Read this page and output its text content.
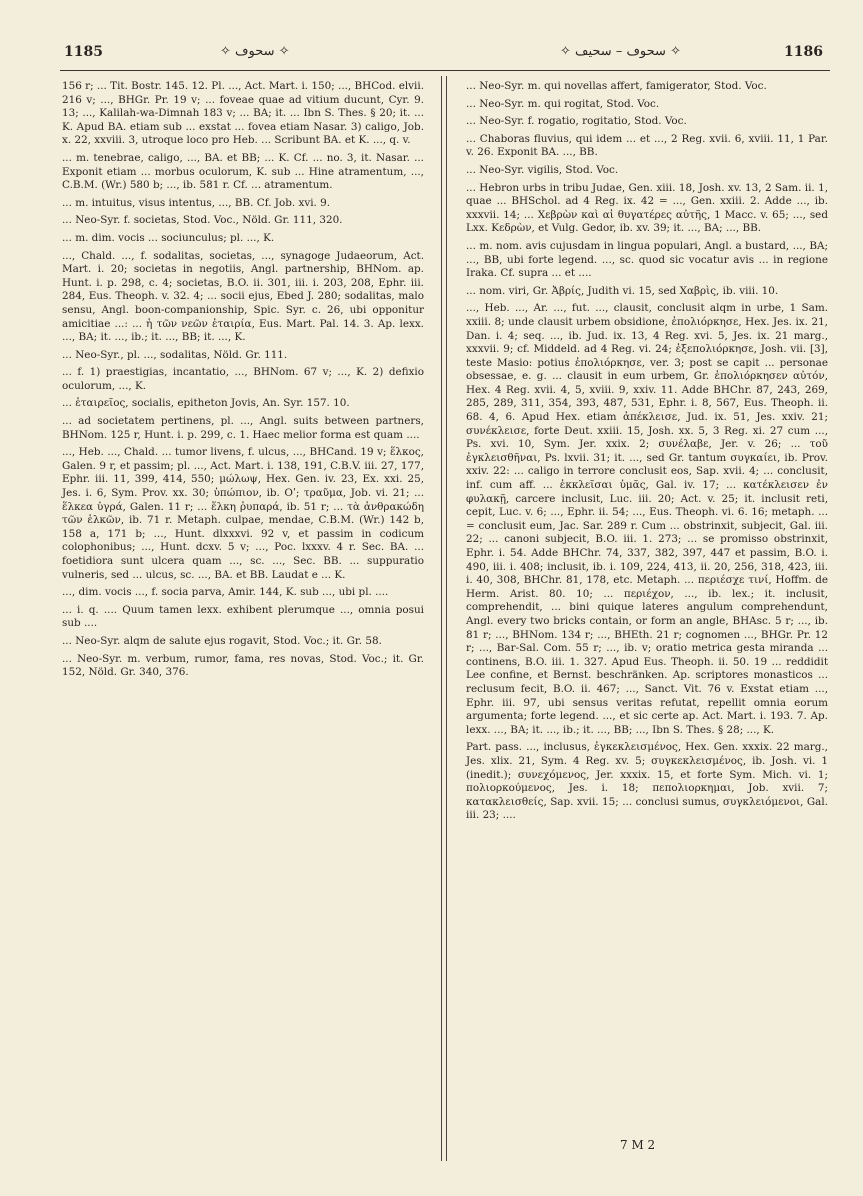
1185	✧ سحوڡ ✧	✧ سحوڡ – سحيڡ ✧	1186

156 r; ... Tit. Bostr. 145. 12. Pl. ..., Act. Mart. i. 150; ..., BHCod. elvii. 216 v; ..., BHGr. Pr. 19 v; ... foveae quae ad vitium ducunt, Cyr. 9. 13; ..., Kalilah-wa-Dimnah 183 v; ... BA; it. ... Ibn S. Thes. § 20; it. ... K. Apud BA. etiam sub ... exstat ... fovea etiam Nasar. 3) caligo, Job. x. 22, xxviii. 3, utroque loco pro Heb. ... Scribunt BA. et K. ..., q. v.

... m. tenebrae, caligo, ..., BA. et BB; ... K. Cf. ... no. 3, it. Nasar. ... Exponit etiam ... morbus oculorum, K. sub ... Hine atramentum, ..., C.B.M. (Wr.) 580 b; ..., ib. 581 r. Cf. ... atramentum.

... m. intuitus, visus intentus, ..., BB. Cf. Job. xvi. 9.

... Neo-Syr. f. societas, Stod. Voc., Nöld. Gr. 111, 320.

... m. dim. vocis ... sociunculus; pl. ..., K.

..., Chald. ..., f. sodalitas, societas, ..., synagoge Judaeorum, Act. Mart. i. 20; societas in negotiis, Angl. partnership, BHNom. ap. Hunt. i. p. 298, c. 4; societas, B.O. ii. 301, iii. i. 203, 208, Ephr. iii. 284, Eus. Theoph. v. 32. 4; ... socii ejus, Ebed J. 280; sodalitas, malo sensu, Angl. boon-companionship, Spic. Syr. c. 26, ubi opponitur amicitiae ...: ... ἡ τῶν νεῶν ἑταιρία, Eus. Mart. Pal. 14. 3. Ap. lexx. ..., BA; it. ..., ib.; it. ..., BB; it. ..., K.

... Neo-Syr., pl. ..., sodalitas, Nöld. Gr. 111.

... f. 1) praestigias, incantatio, ..., BHNom. 67 v; ..., K. 2) defixio oculorum, ..., K.

... ἑταιρεῖος, socialis, epitheton Jovis, An. Syr. 157. 10.

... ad societatem pertinens, pl. ..., Angl. suits between partners, BHNom. 125 r, Hunt. i. p. 299, c. 1. Haec melior forma est quam ....

..., Heb. ..., Chald. ... tumor livens, f. ulcus, ..., BHCand. 19 v; ἕλκος, Galen. 9 r, et passim; pl. ..., Act. Mart. i. 138, 191, C.B.V. iii. 27, 177, Ephr. iii. 11, 399, 414, 550; μώλωψ, Hex. Gen. iv. 23, Ex. xxi. 25, Jes. i. 6, Sym. Prov. xx. 30; ὑπώπιον, ib. Oʹ; τραῦμα, Job. vi. 21; ... ἕλκεα ὑγρά, Galen. 11 r; ... ἕλκη ῥυπαρά, ib. 51 r; ... τὰ ἀνθρακώδη τῶν ἑλκῶν, ib. 71 r. Metaph. culpae, mendae, C.B.M. (Wr.) 142 b, 158 a, 171 b; ..., Hunt. dlxxxvi. 92 v, et passim in codicum colophonibus; ..., Hunt. dcxv. 5 v; ..., Poc. lxxxv. 4 r. Sec. BA. ... foetidiora sunt ulcera quam ..., sc. ..., Sec. BB. ... suppuratio vulneris, sed ... ulcus, sc. ..., BA. et BB. Laudat e ... K.

..., dim. vocis ..., f. socia parva, Amir. 144, K. sub ..., ubi pl. ....

... i. q. .... Quum tamen lexx. exhibent plerumque ..., omnia posui sub ....

... Neo-Syr. alqm de salute ejus rogavit, Stod. Voc.; it. Gr. 58.

... Neo-Syr. m. verbum, rumor, fama, res novas, Stod. Voc.; it. Gr. 152, Nöld. Gr. 340, 376.

... Neo-Syr. m. qui novellas affert, famigerator, Stod. Voc.

... Neo-Syr. m. qui rogitat, Stod. Voc.

... Neo-Syr. f. rogatio, rogitatio, Stod. Voc.

... Chaboras fluvius, qui idem ... et ..., 2 Reg. xvii. 6, xviii. 11, 1 Par. v. 26. Exponit BA. ..., BB.

... Neo-Syr. vigilis, Stod. Voc.

... Hebron urbs in tribu Judae, Gen. xiii. 18, Josh. xv. 13, 2 Sam. ii. 1, quae ... BHSchol. ad 4 Reg. ix. 42 = ..., Gen. xxiii. 2. Adde ..., ib. xxxvii. 14; ... Χεβρὼν καὶ αἱ θυγατέρες αὐτῆς, 1 Macc. v. 65; ..., sed Lxx. Κεδρὼν, et Vulg. Gedor, ib. xv. 39; it. ..., BA; ..., BB.

... m. nom. avis cujusdam in lingua populari, Angl. a bustard, ..., BA; ..., BB, ubi forte legend. ..., sc. quod sic vocatur avis ... in regione Iraka. Cf. supra ... et ....

... nom. viri, Gr. Ἀβρίς, Judith vi. 15, sed Χαβρὶς, ib. viii. 10.

..., Heb. ..., Ar. ..., fut. ..., clausit, conclusit alqm in urbe, 1 Sam. xxiii. 8; unde clausit urbem obsidione, ἐπολιόρκησε, Hex. Jes. ix. 21, Dan. i. 4; seq. ..., ib. Jud. ix. 13, 4 Reg. xvi. 5, Jes. ix. 21 marg., xxxvii. 9; cf. Middeld. ad 4 Reg. vi. 24; ἐξεπολιόρκησε, Josh. vii. [3], teste Masio: potius ἐπολιόρκησε, ver. 3; post se capit ... personae obsessae, e. g. ... clausit in eum urbem, Gr. ἐπολιόρκησεν αὐτόν, Hex. 4 Reg. xvii. 4, 5, xviii. 9, xxiv. 11. Adde BHChr. 87, 243, 269, 285, 289, 311, 354, 393, 487, 531, Ephr. i. 8, 567, Eus. Theoph. ii. 68. 4, 6. Apud Hex. etiam ἀπέκλεισε, Jud. ix. 51, Jes. xxiv. 21; συνέκλεισε, forte Deut. xxiii. 15, Josh. xx. 5, 3 Reg. xi. 27 cum ..., Ps. xvi. 10, Sym. Jer. xxix. 2; συνέλαβε, Jer. v. 26; ... τοῦ ἐγκλεισθῆναι, Ps. lxvii. 31; it. ..., sed Gr. tantum συγκαίει, ib. Prov. xxiv. 22: ... caligo in terrore conclusit eos, Sap. xvii. 4; ... conclusit, inf. cum aff. ... ἐκκλεῖσαι ὑμᾶς, Gal. iv. 17; ... κατέκλεισεν ἐν φυλακῇ, carcere inclusit, Luc. iii. 20; Act. v. 25; it. inclusit reti, cepit, Luc. v. 6; ..., Ephr. ii. 54; ..., Eus. Theoph. vi. 6. 16; metaph. ... = conclusit eum, Jac. Sar. 289 r. Cum ... obstrinxit, subjecit, Gal. iii. 22; ... canoni subjecit, B.O. iii. 1. 273; ... se promisso obstrinxit, Ephr. i. 54. Adde BHChr. 74, 337, 382, 397, 447 et passim, B.O. i. 490, iii. i. 408; inclusit, ib. i. 109, 224, 413, ii. 20, 256, 318, 423, iii. i. 40, 308, BHChr. 81, 178, etc. Metaph. ... περιέσχε τινί, Hoffm. de Herm. Arist. 80. 10; ... περιέχον, ..., ib. lex.; it. inclusit, comprehendit, ... bini quique lateres angulum comprehendunt, Angl. every two bricks contain, or form an angle, BHAsc. 5 r; ..., ib. 81 r; ..., BHNom. 134 r; ..., BHEth. 21 r; cognomen ..., BHGr. Pr. 12 r; ..., Bar-Sal. Com. 55 r; ..., ib. v; oratio metrica gesta miranda ... continens, B.O. iii. 1. 327. Apud Eus. Theoph. ii. 50. 19 ... reddidit Lee confine, et Bernst. beschränken. Ap. scriptores monasticos ... reclusum fecit, B.O. ii. 467; ..., Sanct. Vit. 76 v. Exstat etiam ..., Ephr. iii. 97, ubi sensus veritas refutat, repellit omnia eorum argumenta; forte legend. ..., et sic certe ap. Act. Mart. i. 193. 7. Ap. lexx. ..., BA; it. ..., ib.; it. ..., BB; ..., Ibn S. Thes. § 28; ..., K.

Part. pass. ..., inclusus, ἐγκεκλεισμένος, Hex. Gen. xxxix. 22 marg., Jes. xlix. 21, Sym. 4 Reg. xv. 5; συγκεκλεισμένος, ib. Josh. vi. 1 (inedit.); συνεχόμενος, Jer. xxxix. 15, et forte Sym. Mich. vi. 1; πολιορκούμενος, Jes. i. 18; πεπολιορκημαι, Job. xvii. 7; κατακλεισθείς, Sap. xvii. 15; ... conclusi sumus, συγκλειόμενοι, Gal. iii. 23; ....

7 M 2
